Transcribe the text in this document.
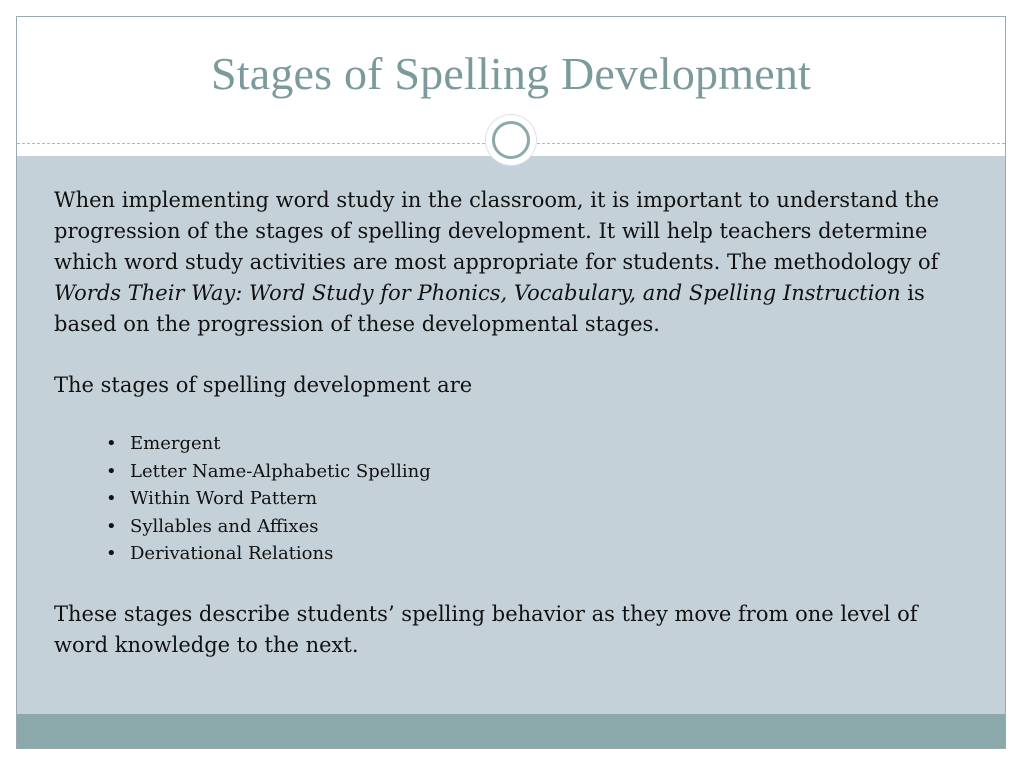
Stages of Spelling Development

When implementing word study in the classroom, it is important to understand the progression of the stages of spelling development. It will help teachers determine which word study activities are most appropriate for students. The methodology of Words Their Way: Word Study for Phonics, Vocabulary, and Spelling Instruction is based on the progression of these developmental stages.

The stages of spelling development are

• Emergent
• Letter Name-Alphabetic Spelling
• Within Word Pattern
• Syllables and Affixes
• Derivational Relations

These stages describe students’ spelling behavior as they move from one level of word knowledge to the next.
